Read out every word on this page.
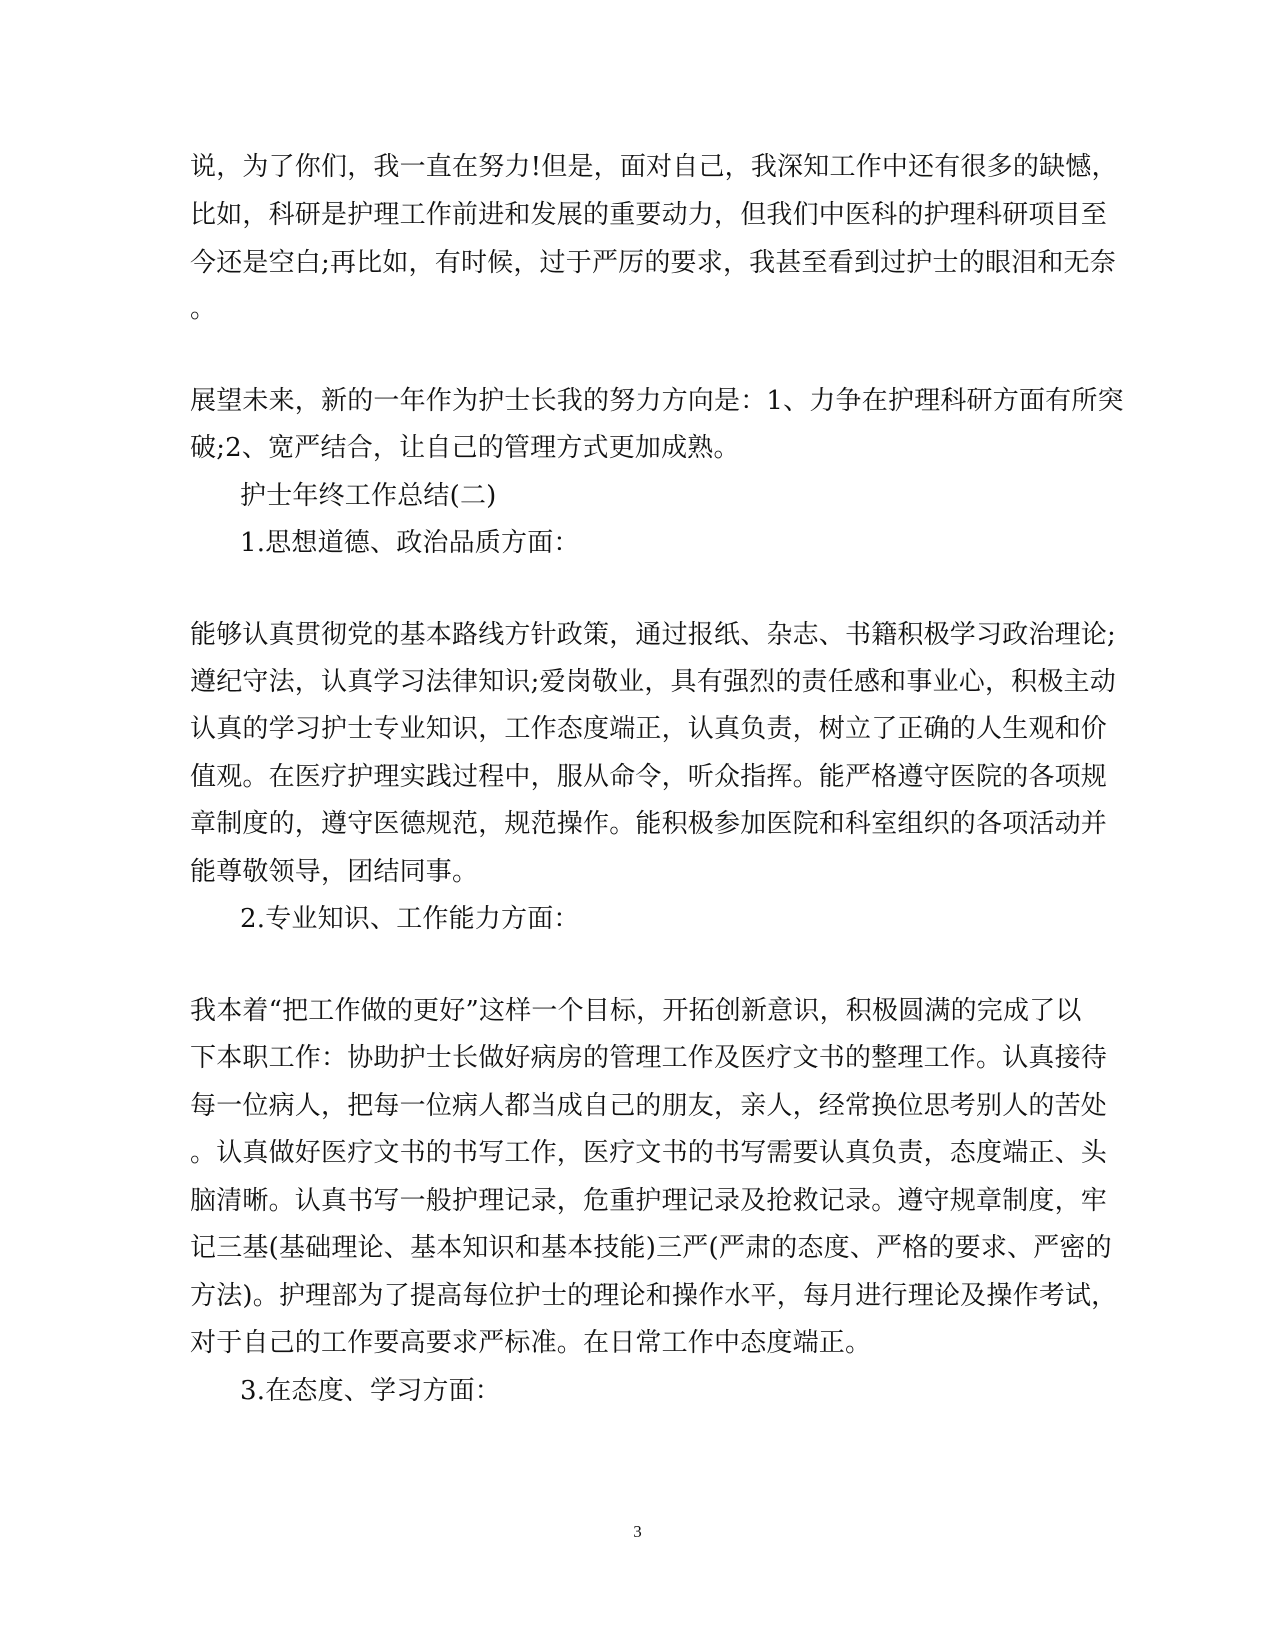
说，为了你们，我一直在努力!但是，面对自己，我深知工作中还有很多的缺憾，
比如，科研是护理工作前进和发展的重要动力，但我们中医科的护理科研项目至
今还是空白;再比如，有时候，过于严厉的要求，我甚至看到过护士的眼泪和无奈
。
展望未来，新的一年作为护士长我的努力方向是：1、力争在护理科研方面有所突
破;2、宽严结合，让自己的管理方式更加成熟。
护士年终工作总结(二)
1.思想道德、政治品质方面：
能够认真贯彻党的基本路线方针政策，通过报纸、杂志、书籍积极学习政治理论;
遵纪守法，认真学习法律知识;爱岗敬业，具有强烈的责任感和事业心，积极主动
认真的学习护士专业知识，工作态度端正，认真负责，树立了正确的人生观和价
值观。在医疗护理实践过程中，服从命令，听众指挥。能严格遵守医院的各项规
章制度的，遵守医德规范，规范操作。能积极参加医院和科室组织的各项活动并
能尊敬领导，团结同事。
2.专业知识、工作能力方面：
我本着“把工作做的更好”这样一个目标，开拓创新意识，积极圆满的完成了以
下本职工作：协助护士长做好病房的管理工作及医疗文书的整理工作。认真接待
每一位病人，把每一位病人都当成自己的朋友，亲人，经常换位思考别人的苦处
。认真做好医疗文书的书写工作，医疗文书的书写需要认真负责，态度端正、头
脑清晰。认真书写一般护理记录，危重护理记录及抢救记录。遵守规章制度，牢
记三基(基础理论、基本知识和基本技能)三严(严肃的态度、严格的要求、严密的
方法)。护理部为了提高每位护士的理论和操作水平，每月进行理论及操作考试，
对于自己的工作要高要求严标准。在日常工作中态度端正。
3.在态度、学习方面：
3
